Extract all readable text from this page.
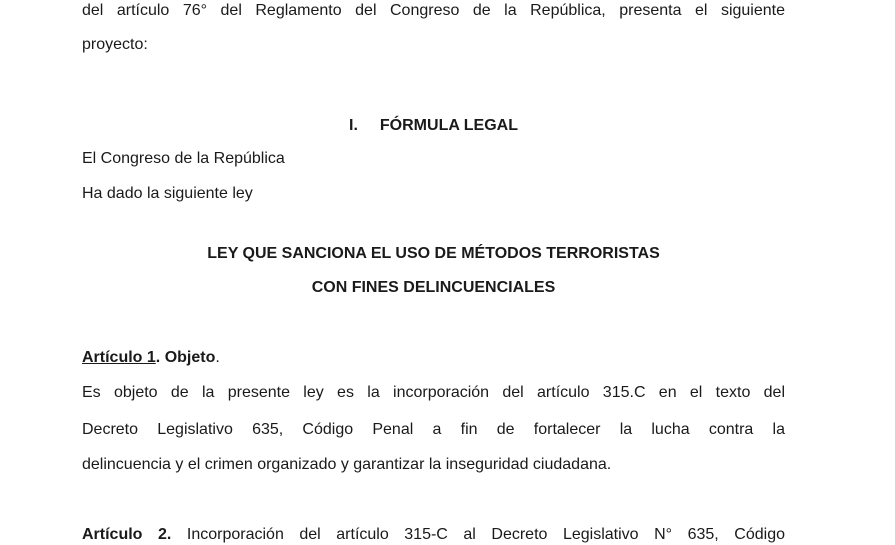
del artículo 76° del Reglamento del Congreso de la República, presenta el siguiente
proyecto:
I. FÓRMULA LEGAL
El Congreso de la República
Ha dado la siguiente ley
LEY QUE SANCIONA EL USO DE MÉTODOS TERRORISTAS
CON FINES DELINCUENCIALES
Artículo 1. Objeto.
Es objeto de la presente ley es la incorporación del artículo 315.C en el texto del
Decreto Legislativo 635, Código Penal a fin de fortalecer la lucha contra la
delincuencia y el crimen organizado y garantizar la inseguridad ciudadana.
Artículo 2. Incorporación del artículo 315-C al Decreto Legislativo N° 635, Código
